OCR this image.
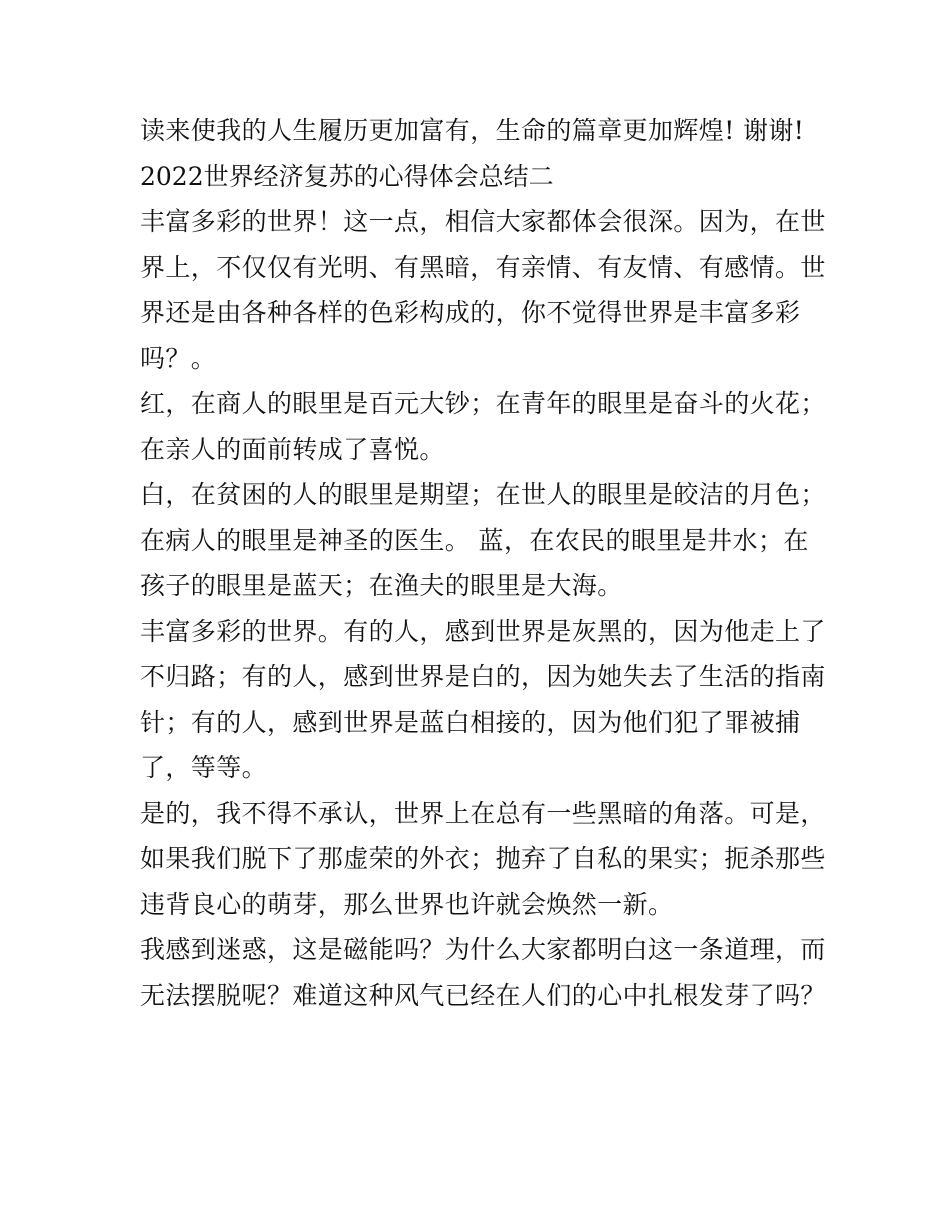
读来使我的人生履历更加富有，生命的篇章更加辉煌! 谢谢!
2022世界经济复苏的心得体会总结二
丰富多彩的世界！这一点，相信大家都体会很深。因为，在世
界上，不仅仅有光明、有黑暗，有亲情、有友情、有感情。世
界还是由各种各样的色彩构成的，你不觉得世界是丰富多彩
吗？。
红，在商人的眼里是百元大钞；在青年的眼里是奋斗的火花；
在亲人的面前转成了喜悦。
白，在贫困的人的眼里是期望；在世人的眼里是皎洁的月色；
在病人的眼里是神圣的医生。 蓝，在农民的眼里是井水；在
孩子的眼里是蓝天；在渔夫的眼里是大海。
丰富多彩的世界。有的人，感到世界是灰黑的，因为他走上了
不归路；有的人，感到世界是白的，因为她失去了生活的指南
针；有的人，感到世界是蓝白相接的，因为他们犯了罪被捕
了，等等。
是的，我不得不承认，世界上在总有一些黑暗的角落。可是，
如果我们脱下了那虚荣的外衣；抛弃了自私的果实；扼杀那些
违背良心的萌芽，那么世界也许就会焕然一新。
我感到迷惑，这是磁能吗？为什么大家都明白这一条道理，而
无法摆脱呢？难道这种风气已经在人们的心中扎根发芽了吗？
